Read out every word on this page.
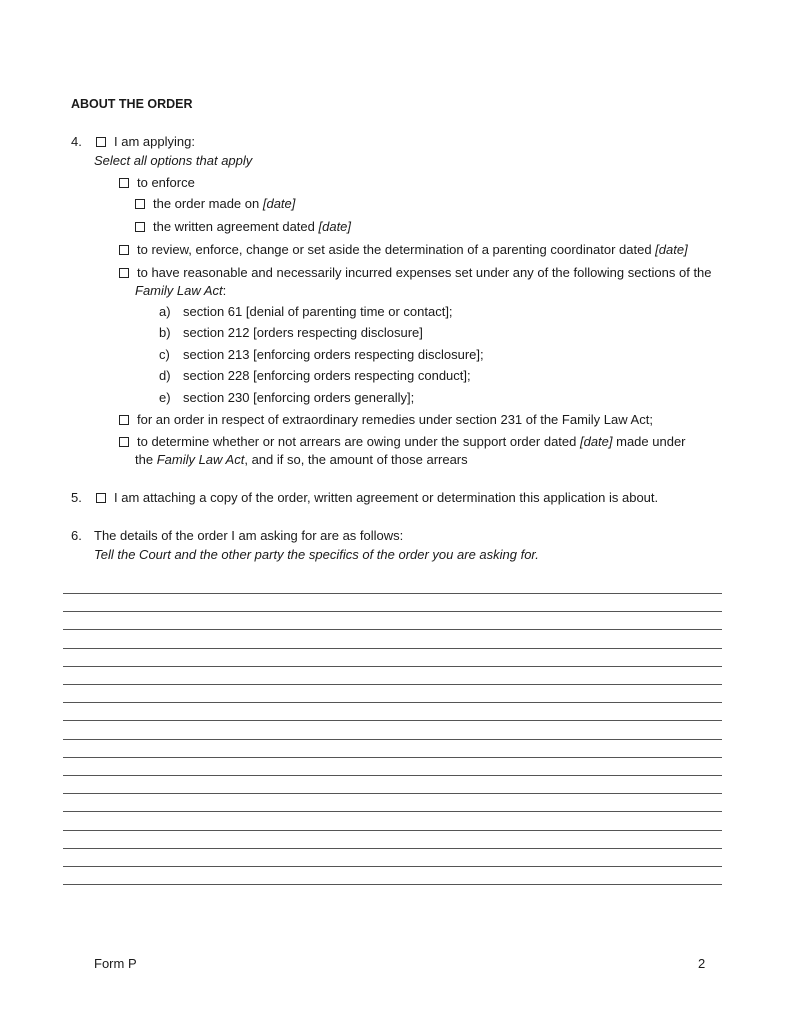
ABOUT THE ORDER
4.	I am applying:
Select all options that apply
to enforce
the order made on [date]
the written agreement dated [date]
to review, enforce, change or set aside the determination of a parenting coordinator dated [date]
to have reasonable and necessarily incurred expenses set under any of the following sections of the
Family Law Act:
a) section 61 [denial of parenting time or contact];
b) section 212 [orders respecting disclosure]
c) section 213 [enforcing orders respecting disclosure];
d) section 228 [enforcing orders respecting conduct];
e) section 230 [enforcing orders generally];
for an order in respect of extraordinary remedies under section 231 of the Family Law Act;
to determine whether or not arrears are owing under the support order dated [date] made under
the Family Law Act, and if so, the amount of those arrears
5.	I am attaching a copy of the order, written agreement or determination this application is about.
6. The details of the order I am asking for are as follows:
Tell the Court and the other party the specifics of the order you are asking for.
Form P	2
